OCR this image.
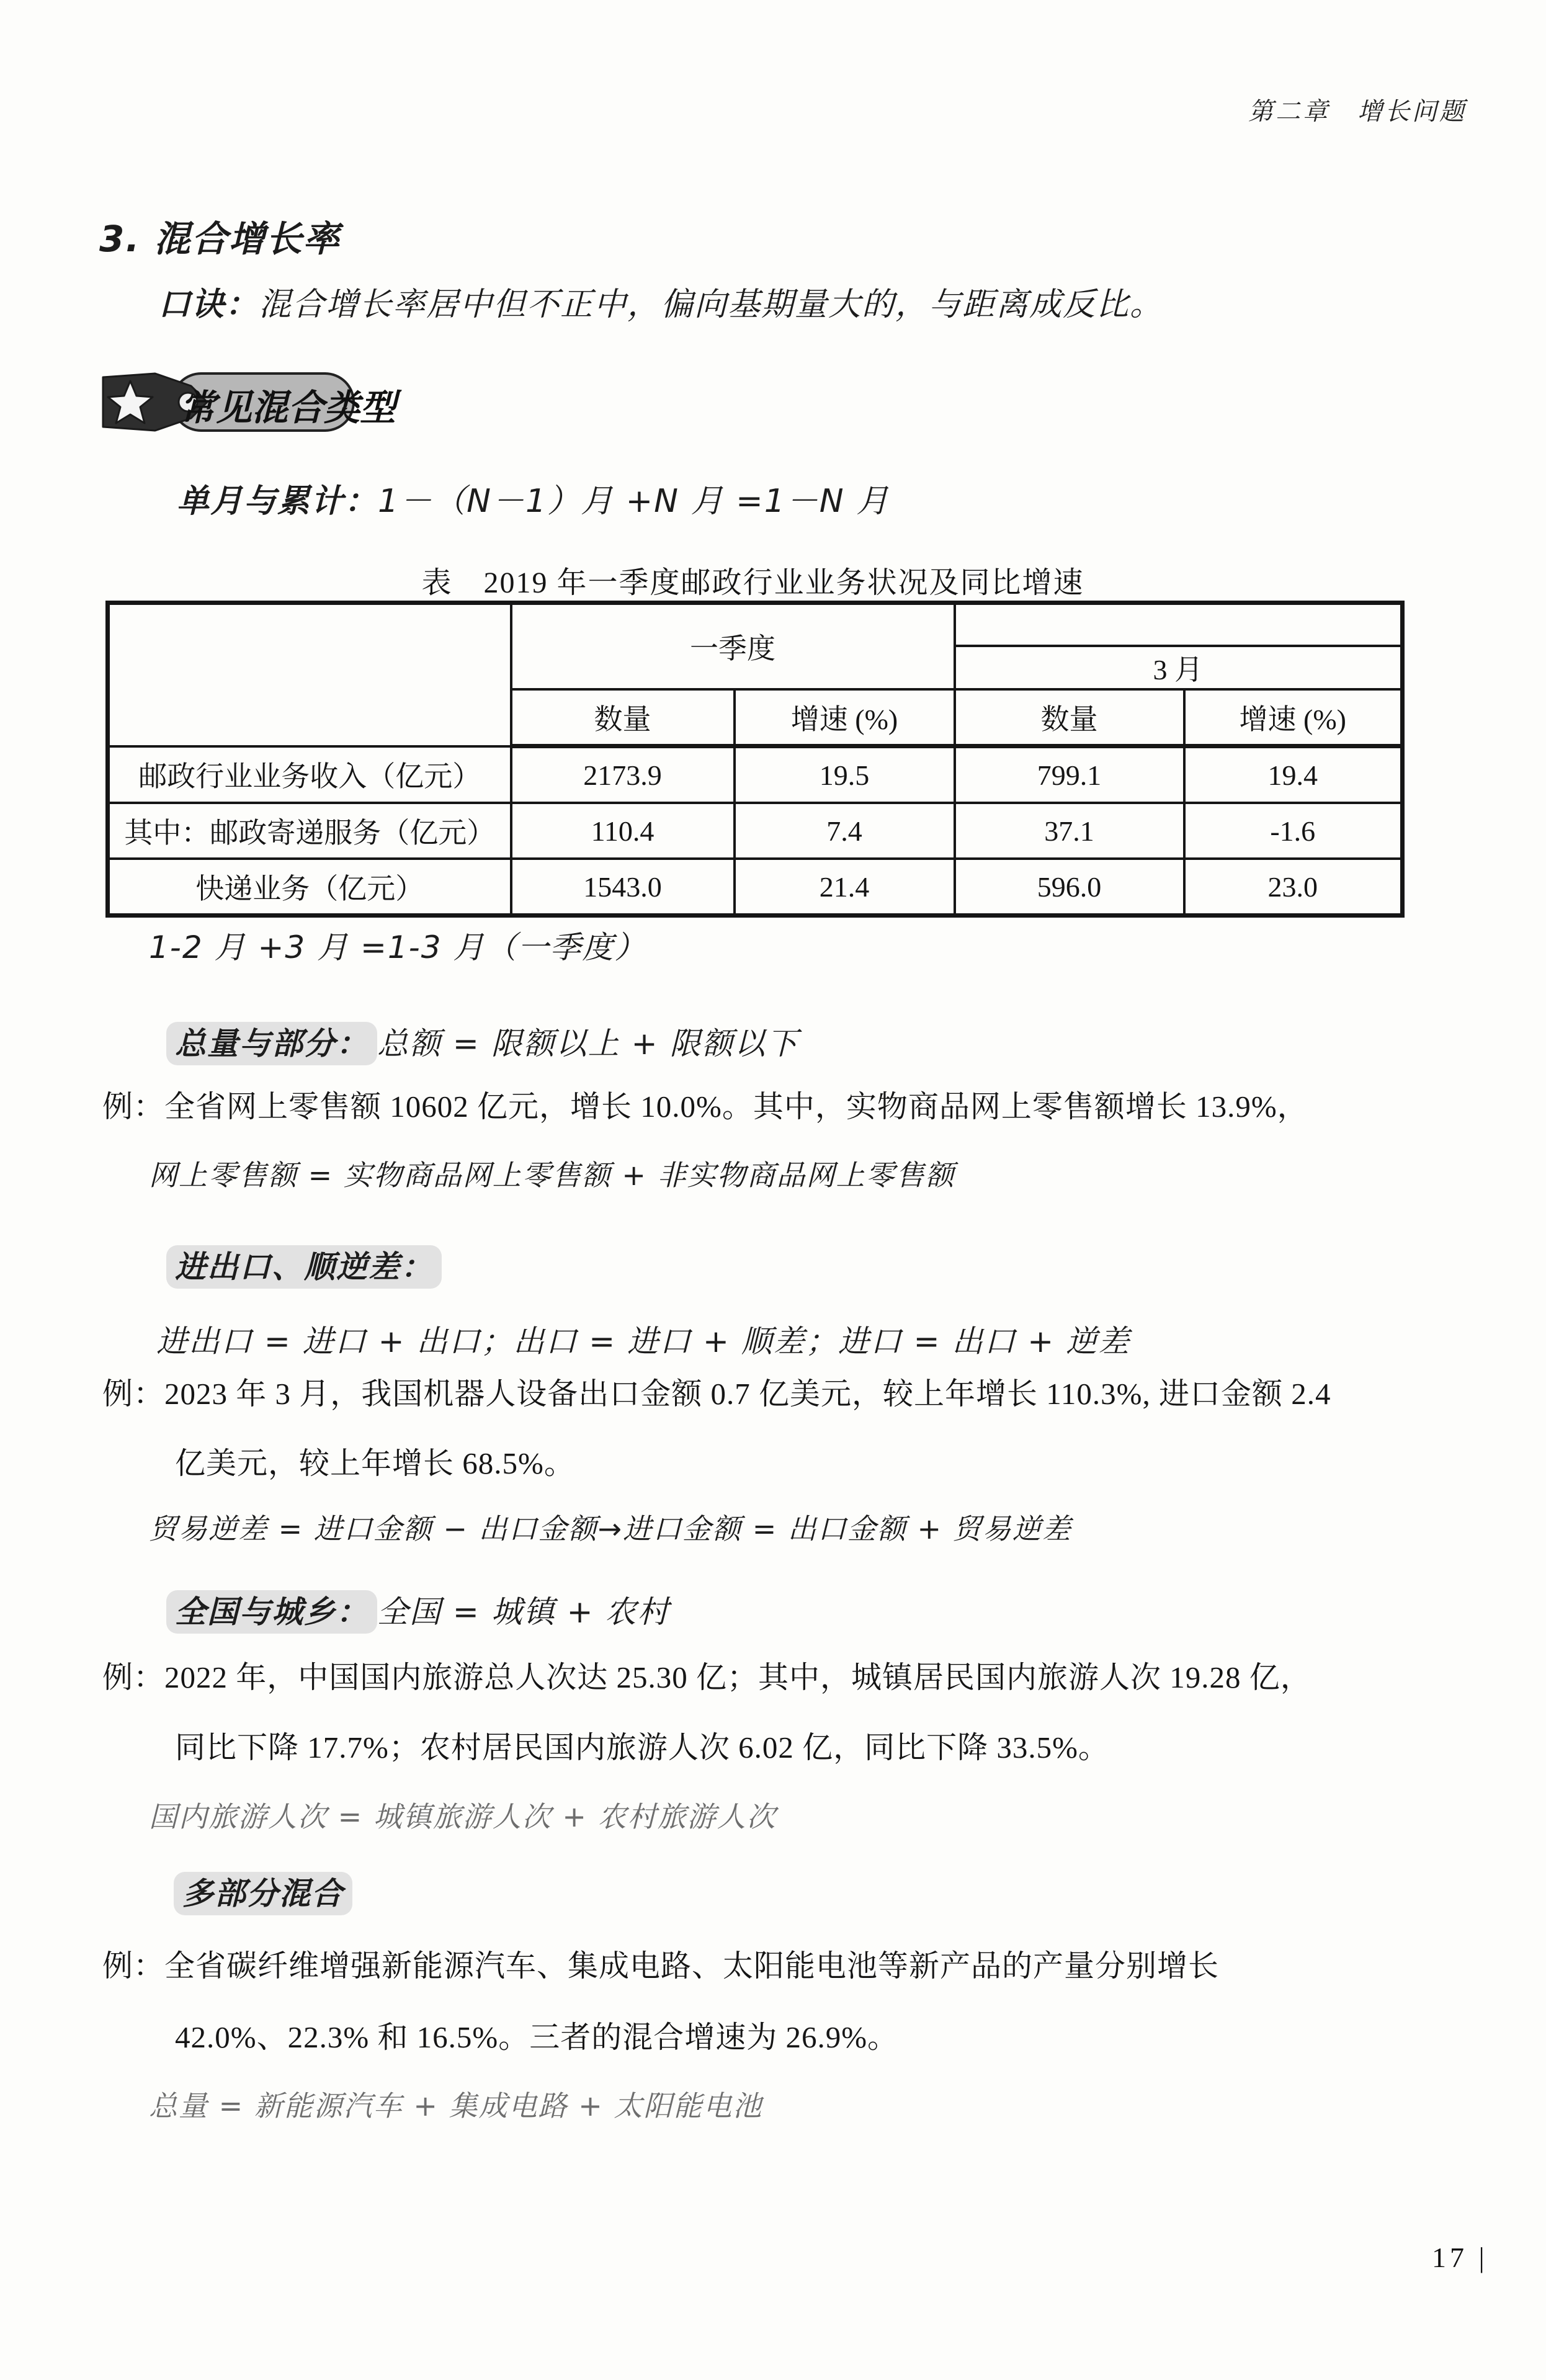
第二章　增长问题
3. 混合增长率
口诀：混合增长率居中但不正中，偏向基期量大的，与距离成反比。
常见混合类型
单月与累计：1－（N－1）月 +N 月 =1－N 月
表　2019 年一季度邮政行业业务状况及同比增速
	一季度			
			3 月	
	数量	增速 (%)	数量	增速 (%)
邮政行业业务收入（亿元）	2173.9	19.5	799.1	19.4
其中：邮政寄递服务（亿元）	110.4	7.4	37.1	-1.6
快递业务（亿元）	1543.0	21.4	596.0	23.0
1-2 月 +3 月 =1-3 月（一季度）
总量与部分： 总额 = 限额以上 + 限额以下
例：全省网上零售额 10602 亿元，增长 10.0%。其中，实物商品网上零售额增长 13.9%，
网上零售额 = 实物商品网上零售额 + 非实物商品网上零售额
进出口、顺逆差：
进出口 = 进口 + 出口；出口 = 进口 + 顺差；进口 = 出口 + 逆差
例：2023 年 3 月，我国机器人设备出口金额 0.7 亿美元，较上年增长 110.3%, 进口金额 2.4
亿美元，较上年增长 68.5%。
贸易逆差 = 进口金额 − 出口金额→进口金额 = 出口金额 + 贸易逆差
全国与城乡： 全国 = 城镇 + 农村
例：2022 年，中国国内旅游总人次达 25.30 亿；其中，城镇居民国内旅游人次 19.28 亿，
同比下降 17.7%；农村居民国内旅游人次 6.02 亿，同比下降 33.5%。
国内旅游人次 = 城镇旅游人次 + 农村旅游人次
多部分混合
例：全省碳纤维增强新能源汽车、集成电路、太阳能电池等新产品的产量分别增长
42.0%、22.3% 和 16.5%。三者的混合增速为 26.9%。
总量 = 新能源汽车 + 集成电路 + 太阳能电池
17 |
